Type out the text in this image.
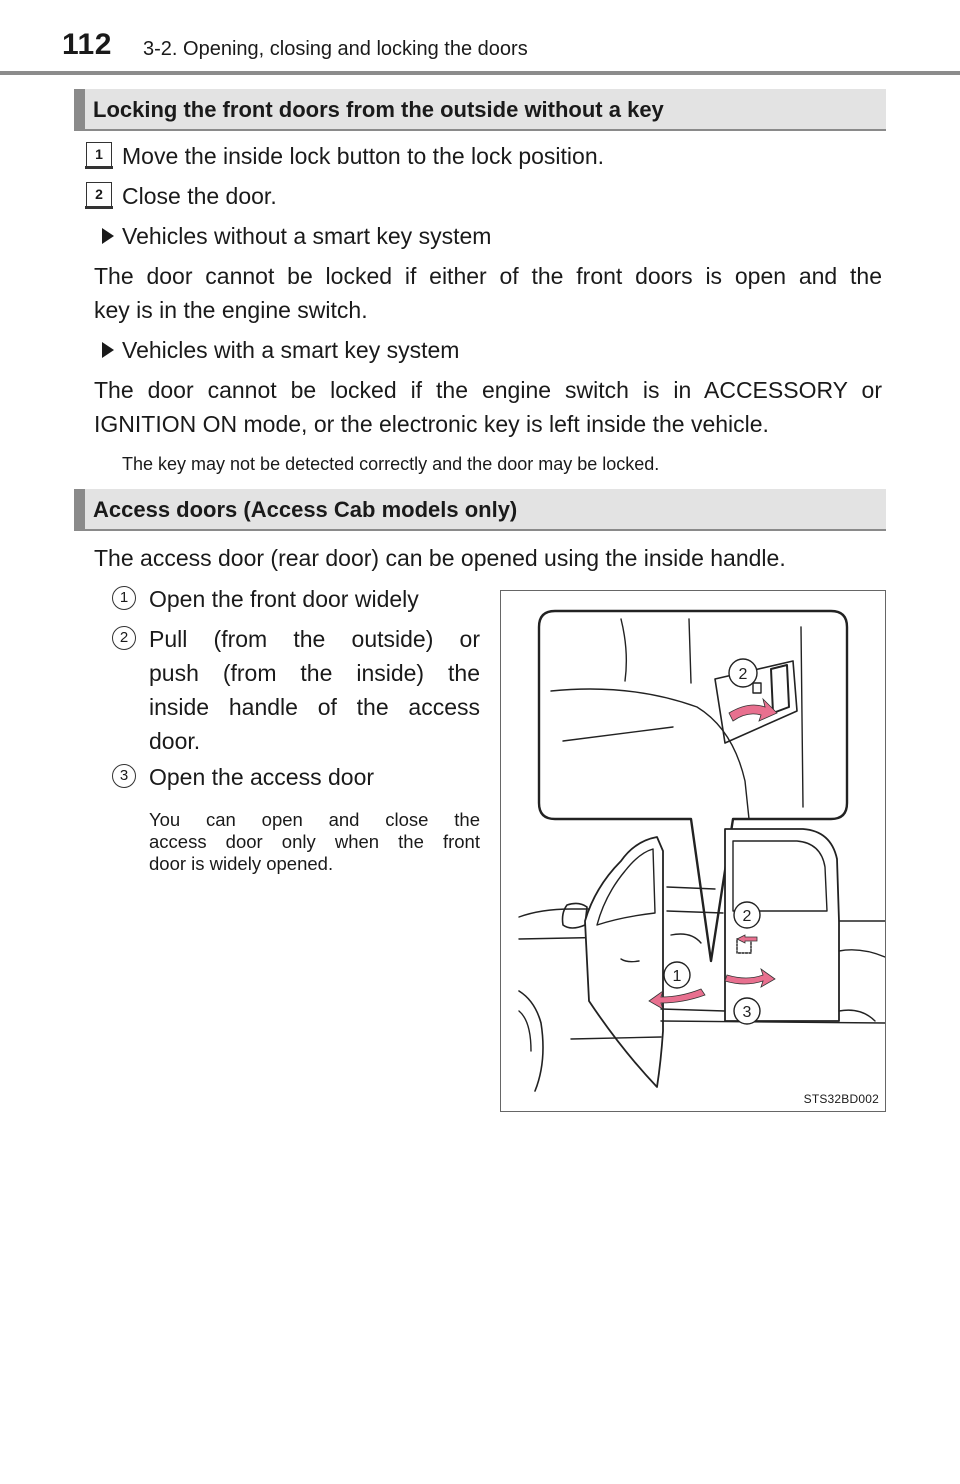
112 3-2. Opening, closing and locking the doors
Locking the front doors from the outside without a key
1 Move the inside lock button to the lock position.
2 Close the door.
Vehicles without a smart key system
The door cannot be locked if either of the front doors is open and the
key is in the engine switch.
Vehicles with a smart key system
The door cannot be locked if the engine switch is in ACCESSORY or
IGNITION ON mode, or the electronic key is left inside the vehicle.
The key may not be detected correctly and the door may be locked.
Access doors (Access Cab models only)
The access door (rear door) can be opened using the inside handle.
1 Open the front door widely
2 Pull (from the outside) or
push (from the inside) the
inside handle of the access
door.
3 Open the access door
You can open and close the
access door only when the front
door is widely opened.
2
2
1
3
STS32BD002
